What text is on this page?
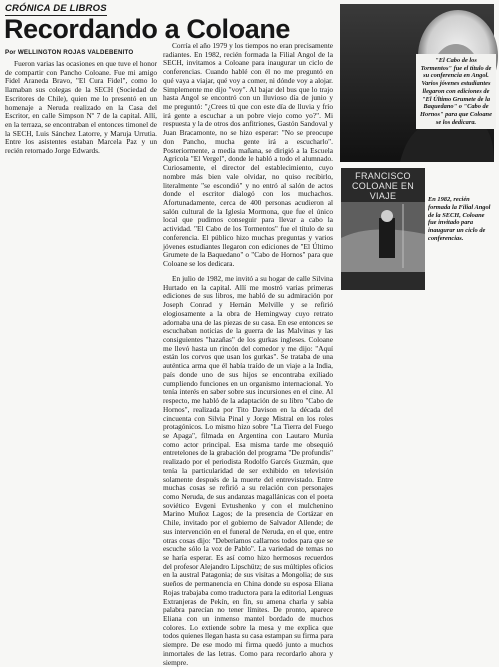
CRÓNICA DE LIBROS
Recordando a Coloane
Por WELLINGTON ROJAS VALDEBENITO

Fueron varias las ocasiones en que tuve el honor de compartir con Pancho Coloane. Fue mi amigo Fidel Araneda Bravo, "El Cura Fidel", como lo llamaban sus colegas de la SECH (Sociedad de Escritores de Chile), quien me lo presentó en un homenaje a Neruda realizado en la Casa del Escritor, en calle Simpson Nº 7 de la capital. Allí, en la terraza, se encontraban el entonces timonel de la SECH, Luis Sánchez Latorre, y Maruja Urrutia. Entre los asistentes estaban Marcela Paz y un recién retornado Jorge Edwards.

Corría el año 1979 y los tiempos no eran precisamente radiantes. En 1982, recién formada la Filial Angol de la SECH, invitamos a Coloane para inaugurar un ciclo de conferencias. Cuando hablé con él no me preguntó en qué vaya a viajar, qué voy a comer, ni dónde voy a alojar. Simplemente me dijo "voy". Al bajar del bus que lo trajo hasta Angol se encontró con un lluvioso día de junio y me preguntó: "¿Crees tú que con este día de lluvia y frío irá gente a escuchar a un pobre viejo como yo?". Mi respuesta y la de otros dos anfitriones, Gastón Sandoval y Juan Bracamonte, no se hizo esperar: "No se preocupe don Pancho, mucha gente irá a escucharlo". Posteriormente, a media mañana, se dirigió a la Escuela Agrícola "El Vergel", donde le habló a todo el alumnado. Curiosamente, el director del establecimiento, cuyo nombre más bien vale olvidar, no quiso recibirlo, literalmente "se escondió" y no entró al salón de actos donde el escritor dialogó con los muchachos. Afortunadamente, cerca de 400 personas acudieron al salón cultural de la Iglesia Mormona, que fue el único local que pudimos conseguir para llevar a cabo la actividad. "El Cabo de los Tormentos" fue el título de su conferencia. El público hizo muchas preguntas y varios jóvenes estudiantes llegaron con ediciones de "El Último Grumete de la Baquedano" o "Cabo de Hornos" para que Coloane se los dedicara.

En julio de 1982, me invitó a su hogar de calle Silvina Hurtado en la capital. Allí me mostró varias primeras ediciones de sus libros, me habló de su admiración por Joseph Conrad y Hernán Melville y se refirió elogiosamente a la obra de Hemingway cuyo retrato adornaba una de las piezas de su casa. En ese entonces se escuchaban noticias de la guerra de las Malvinas y las consiguientes "hazañas" de los gurkas ingleses. Coloane me llevó hasta un rincón del comedor y me dijo: "Aquí están los corvos que usan los gurkas". Se trataba de una auténtica arma que él había traído de un viaje a la India, país donde uno de sus hijos se encontraba exiliado cumpliendo funciones en un organismo internacional. Yo tenía interés en saber sobre sus incursiones en el cine. Al respecto, me habló de la adaptación de su libro "Cabo de Hornos", realizada por Tito Davison en la década del cincuenta con Silvia Pinal y Jorge Mistral en los roles protagónicos. Lo mismo hizo sobre "La Tierra del Fuego se Apaga", filmada en Argentina con Lautaro Murúa como actor principal. Esa misma tarde me obsequió entretelones de la grabación del programa "De profundis" realizado por el periodista Rodolfo Garcés Guzmán, que tenía la particularidad de ser exhibido en televisión solamente después de la muerte del entrevistado. Entre muchas cosas se refirió a su relación con personajes como Neruda, de sus andanzas magallánicas con el poeta soviético Evgeni Evtushenko y con el mulchenino Marino Muñoz Lagos; de la presencia de Cortázar en Chile, invitado por el gobierno de Salvador Allende; de sus intervención en el funeral de Neruda, en el que, entre otras cosas dijo: "Deberíamos callarnos todos para que se escuche sólo la voz de Pablo". La variedad de temas no se haría esperar. Es así como hizo hermosos recuerdos del profesor Alejandro Lipschütz; de sus múltiples oficios en la austral Patagonia; de sus visitas a Mongolia; de sus sueños de permanencia en China donde su esposa Eliana Rojas trabajaba como traductora para la editorial Lenguas Extranjeras de Pekín, en fin, su amena charla y sabia palabra parecían no tener límites. De pronto, aparece Eliana con un inmenso mantel bordado de muchos colores. Lo extiende sobre la mesa y me explica que todos quienes llegan hasta su casa estampan su firma para siempre. De ese modo mi firma quedó junto a muchos inmortales de las letras. Como para recordarlo ahora y siempre.

"El Cabo de los Tormentos" fue el título de su conferencia en Angol. Varios jóvenes estudiantes llegaron con ediciones de "El Último Grumete de la Baquedano" o "Cabo de Hornos" para que Coloane se los dedicara.
FRANCISCO COLOANE EN VIAJE	En 1982, recién formada la Filial Angol de la SECH, Coloane fue invitado para inaugurar un ciclo de conferencias.
